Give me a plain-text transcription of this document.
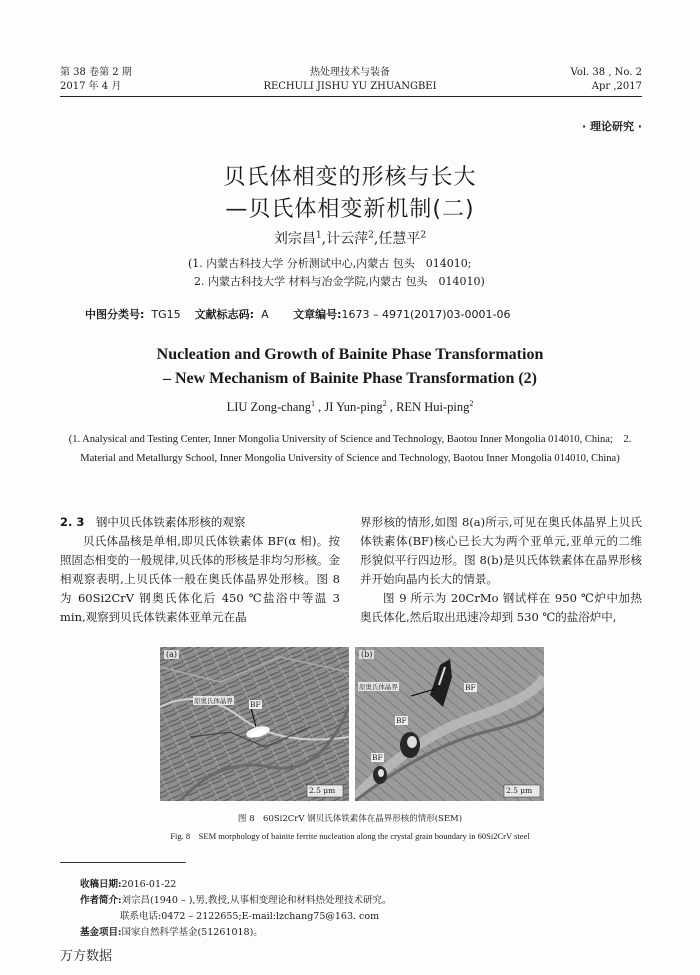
第 38 卷第 2 期
2017 年 4 月
热处理技术与装备
RECHULI JISHU YU ZHUANGBEI
Vol. 38 , No. 2
Apr ,2017
· 理论研究 ·
贝氏体相变的形核与长大
—贝氏体相变新机制(二)
刘宗昌$^1$,计云萍$^2$,任慧平$^2$
(1. 内蒙古科技大学 分析测试中心,内蒙古 包头　014010;
2. 内蒙古科技大学 材料与冶金学院,内蒙古 包头　014010)
中图分类号: TG15 文献标志码: A 文章编号:1673 – 4971(2017)03-0001-06
Nucleation and Growth of Bainite Phase Transformation
– New Mechanism of Bainite Phase Transformation (2)
LIU Zong-chang$^1$ , JI Yun-ping$^2$ , REN Hui-ping$^2$
(1. Analysical and Testing Center, Inner Mongolia University of Science and Technology, Baotou Inner Mongolia 014010, China;　2. Material and Metallurgy School, Inner Mongolia University of Science and Technology, Baotou Inner Mongolia 014010, China)

2. 3　 钢中贝氏体铁素体形核的观察

贝氏体晶核是单相,即贝氏体铁素体 BF(α 相)。按照固态相变的一般规律,贝氏体的形核是非均匀形核。金相观察表明,上贝氏体一般在奥氏体晶界处形核。图 8 为 60Si2CrV 钢奥氏体化后 450 ℃盐浴中等温 3 min,观察到贝氏体铁素体亚单元在晶

界形核的情形,如图 8(a)所示,可见在奥氏体晶界上贝氏体铁素体(BF)核心已长大为两个亚单元,亚单元的二维形貌似平行四边形。图 8(b)是贝氏体铁素体在晶界形核并开始向晶内长大的情景。

图 9 所示为 20CrMo 钢试样在 950 ℃炉中加热奥氏体化,然后取出迅速冷却到 530 ℃的盐浴炉中,

(a)
原奥氏体晶界 BF
2.5 μm
(b)
原奥氏体晶界	BF
BF
BF
2.5 μm
图 8　60Si2CrV 钢贝氏体铁素体在晶界形核的情形(SEM)
Fig. 8　SEM morphology of bainite ferrite nucleation along the crystal grain boundary in 60Si2CrV steel
收稿日期:2016-01-22
作者简介:刘宗昌(1940 – ),男,教授,从事相变理论和材料热处理技术研究。
联系电话:0472 – 2122655;E-mail:lzchang75@163. com
基金项目:国家自然科学基金(51261018)。
万方数据
